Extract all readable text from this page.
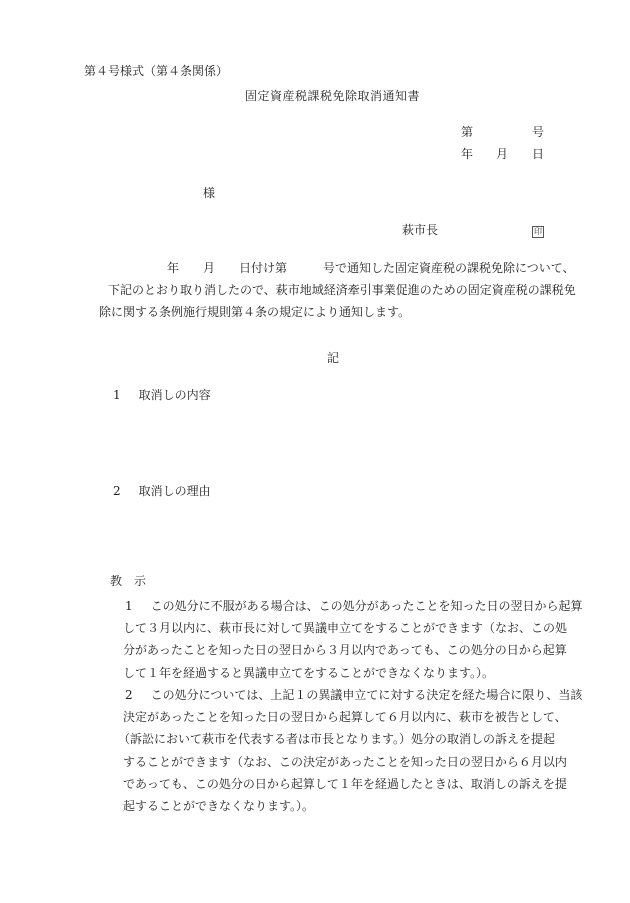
第４号様式（第４条関係）
固定資産税課税免除取消通知書
第	号
年 月 日
様
萩市長	印
年　　月　　日付け第　　　号で通知した固定資産税の課税免除について、
下記のとおり取り消したので、萩市地域経済牽引事業促進のための固定資産税の課税免
除に関する条例施行規則第４条の規定により通知します。
記
1 取消しの内容
2 取消しの理由
教　示
1 この処分に不服がある場合は、この処分があったことを知った日の翌日から起算
して３月以内に、萩市長に対して異議申立てをすることができます（なお、この処
分があったことを知った日の翌日から３月以内であっても、この処分の日から起算
して１年を経過すると異議申立てをすることができなくなります。）。
2 この処分については、上記１の異議申立てに対する決定を経た場合に限り、当該
決定があったことを知った日の翌日から起算して６月以内に、萩市を被告として、
（訴訟において萩市を代表する者は市長となります。）処分の取消しの訴えを提起
することができます（なお、この決定があったことを知った日の翌日から６月以内
であっても、この処分の日から起算して１年を経過したときは、取消しの訴えを提
起することができなくなります。）。
